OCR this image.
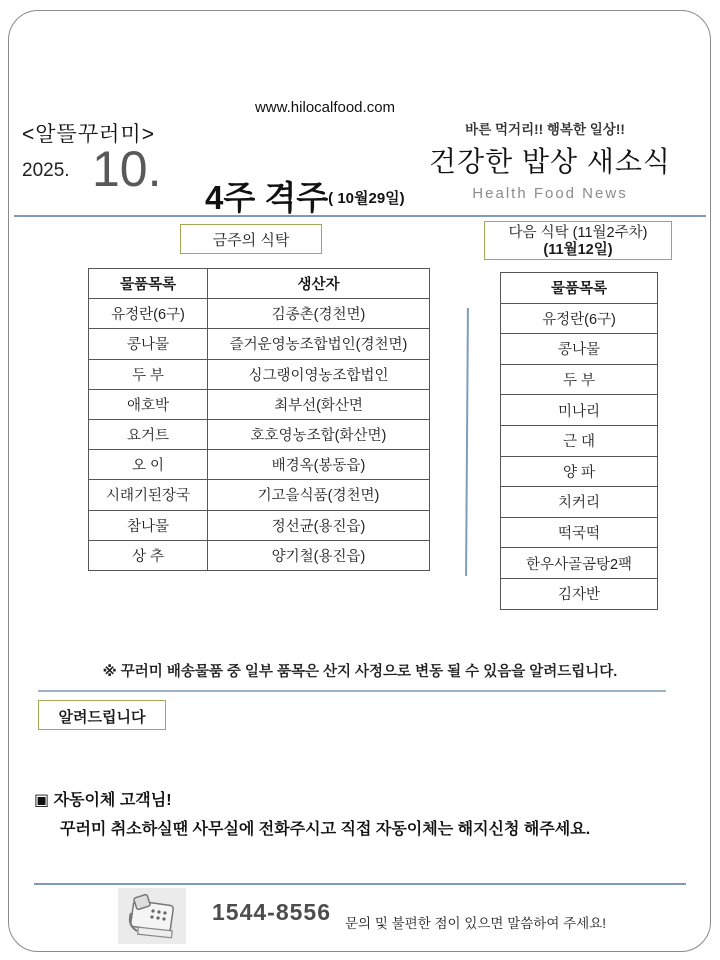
www.hilocalfood.com
<알뜰꾸러미>
2025. 10.
4주 격주( 10월29일)
바른 먹거리!! 행복한 일상!!
건강한 밥상 새소식
Health Food News
금주의 식탁
물품목록	생산자
유정란(6구)	김종촌(경천면)
콩나물	즐거운영농조합법인(경천면)
두 부	싱그랭이영농조합법인
애호박	최부선(화산면
요거트	호호영농조합(화산면)
오 이	배경옥(봉동읍)
시래기된장국	기고을식품(경천면)
참나물	정선균(용진읍)
상 추	양기철(용진읍)
다음 식탁 (11월2주차)
(11월12일)
물품목록
유정란(6구)
콩나물
두 부
미나리
근 대
양 파
치커리
떡국떡
한우사골곰탕2팩
김자반
※ 꾸러미 배송물품 중 일부 품목은 산지 사정으로 변동 될 수 있음을 알려드립니다.
알려드립니다
▣ 자동이체 고객님!
꾸러미 취소하실땐 사무실에 전화주시고 직접 자동이체는 해지신청 해주세요.
1544-8556 문의 및 불편한 점이 있으면 말씀하여 주세요!
